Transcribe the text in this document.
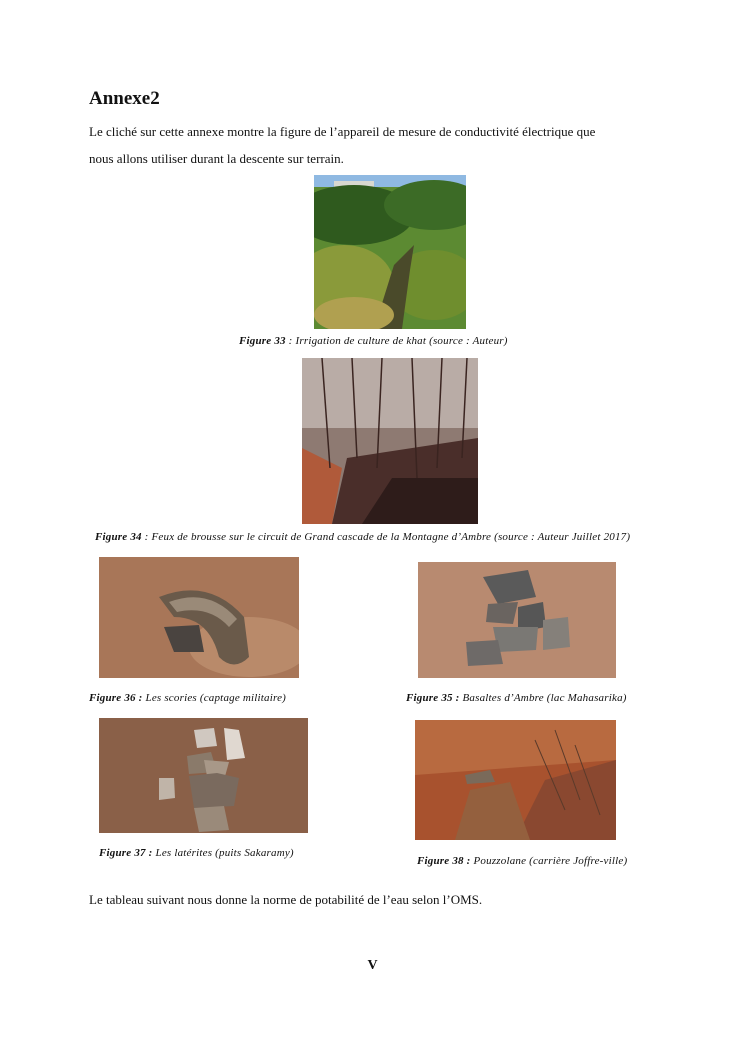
Annexe2

Le cliché sur cette annexe montre la figure de l’appareil de mesure de conductivité électrique que

nous allons utiliser durant la descente sur terrain.

Figure 33 : Irrigation de culture de khat (source : Auteur)

Figure 34 : Feux de brousse sur le circuit de Grand cascade de la Montagne d’Ambre (source : Auteur Juillet 2017)

Figure 36 : Les scories (captage militaire)	Figure 35 : Basaltes d’Ambre (lac Mahasarika)

Figure 37 : Les latérites (puits Sakaramy)

Figure 38 : Pouzzolane (carrière Joffre-ville)

Le tableau suivant nous donne la norme de potabilité de l’eau selon l’OMS.

V
